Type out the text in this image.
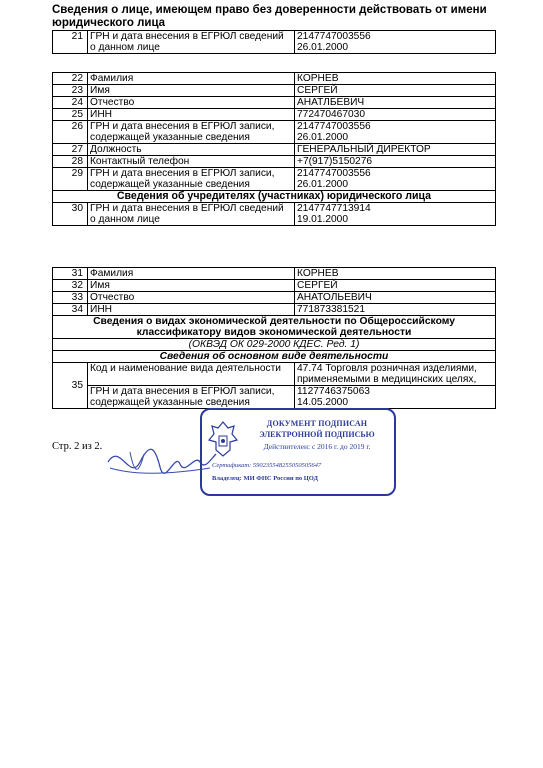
Сведения о лице, имеющем право без доверенности действовать от имени юридического лица
21	ГРН и дата внесения в ЕГРЮЛ сведений о данном лице	2147747003556
26.01.2000
22	Фамилия	КОРНЕВ
23	Имя	СЕРГЕЙ
24	Отчество	АНАТЛБЕВИЧ
25	ИНН	772470467030
26	ГРН и дата внесения в ЕГРЮЛ записи, содержащей указанные сведения	2147747003556
26.01.2000
27	Должность	ГЕНЕРАЛЬНЫЙ ДИРЕКТОР
28	Контактный телефон	+7(917)5150276
29	ГРН и дата внесения в ЕГРЮЛ записи, содержащей указанные сведения	2147747003556
26.01.2000
Сведения об учредителях (участниках) юридического лица		
30	ГРН и дата внесения в ЕГРЮЛ сведений о данном лице	2147747713914
19.01.2000
31	Фамилия	КОРНЕВ
32	Имя	СЕРГЕЙ
33	Отчество	АНАТОЛЬЕВИЧ
34	ИНН	771873381521
Сведения о видах экономической деятельности по Общероссийскому классификатору видов экономической деятельности		
(ОКВЭД ОК 029-2000 КДЕС. Ред. 1)		
Сведения об основном виде деятельности		
35	Код и наименование вида деятельности	47.74 Торговля розничная изделиями, применяемыми в медицинских целях,
	ГРН и дата внесения в ЕГРЮЛ записи, содержащей указанные сведения	1127746375063
14.05.2000
Стр. 2 из 2.
ДОКУМЕНТ ПОДПИСАН
ЭЛЕКТРОННОЙ ПОДПИСЬЮ
Действителен: с 2016 г. до 2019 г.
Сертификат: 590235548255050505647
Владелец: МИ ФНС России по ЦОД
